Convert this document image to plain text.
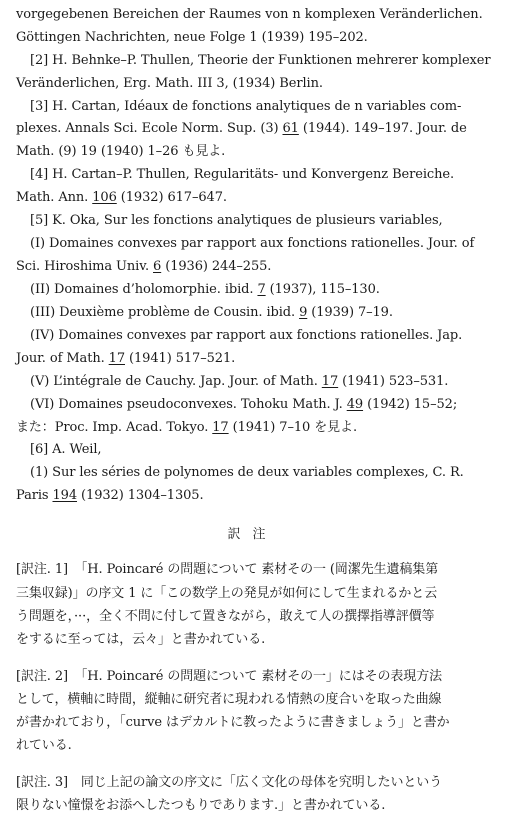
vorgegebenen Bereichen der Raumes von n komplexen Veränderlichen.
Göttingen Nachrichten, neue Folge 1 (1939) 195–202.
[2] H. Behnke–P. Thullen, Theorie der Funktionen mehrerer komplexer
Veränderlichen, Erg. Math. III 3, (1934) Berlin.
[3] H. Cartan, Idéaux de fonctions analytiques de n variables com-
plexes. Annals Sci. Ecole Norm. Sup. (3) 61 (1944). 149–197. Jour. de
Math. (9) 19 (1940) 1–26 も見よ.
[4] H. Cartan–P. Thullen, Regularitäts- und Konvergenz Bereiche.
Math. Ann. 106 (1932) 617–647.
[5] K. Oka, Sur les fonctions analytiques de plusieurs variables,
(I) Domaines convexes par rapport aux fonctions rationelles. Jour. of
Sci. Hiroshima Univ. 6 (1936) 244–255.
(II) Domaines d’holomorphie. ibid. 7 (1937), 115–130.
(III) Deuxième problème de Cousin. ibid. 9 (1939) 7–19.
(IV) Domaines convexes par rapport aux fonctions rationelles. Jap.
Jour. of Math. 17 (1941) 517–521.
(V) L’intégrale de Cauchy. Jap. Jour. of Math. 17 (1941) 523–531.
(VI) Domaines pseudoconvexes. Tohoku Math. J. 49 (1942) 15–52;
また：Proc. Imp. Acad. Tokyo. 17 (1941) 7–10 を見よ.
[6] A. Weil,
(1) Sur les séries de polynomes de deux variables complexes, C. R.
Paris 194 (1932) 1304–1305.
訳注
[訳注. 1]　「H. Poincaré の問題について 素材その一 (岡潔先生遺稿集第
三集収録)」の序文 1 に「この数学上の発見が如何にして生まれるかと云
う問題を，···，全く不問に付して置きながら，敢えて人の撰擇指導評價等
をするに至っては，云々」と書かれている.
[訳注. 2]　「H. Poincaré の問題について 素材その一」にはその表現方法
として，横軸に時間，縦軸に研究者に現われる情熱の度合いを取った曲線
が書かれており，「curve はデカルトに教ったように書きましょう」と書か
れている.
[訳注. 3]　同じ上記の論文の序文に「広く文化の母体を究明したいという
限りない憧憬をお添へしたつもりであります.」と書かれている.
